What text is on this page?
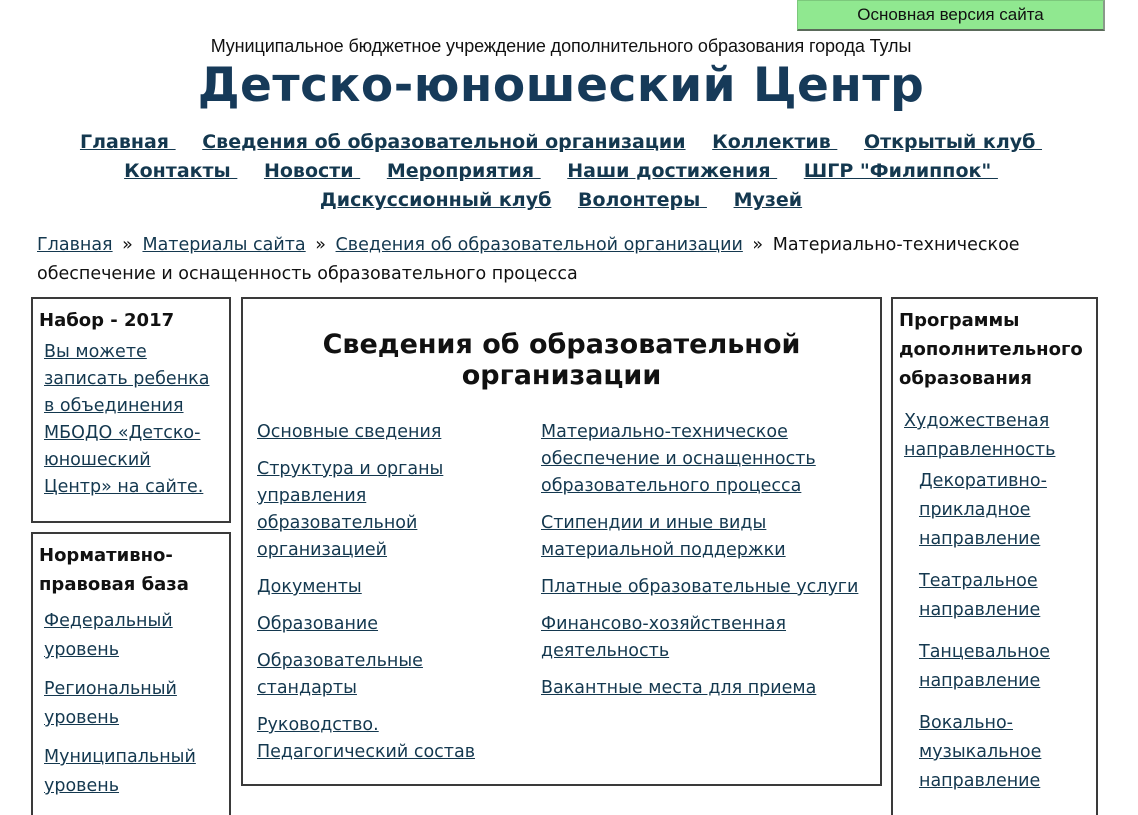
Основная версия сайта
Муниципальное бюджетное учреждение дополнительного образования города Тулы
Детско-юношеский Центр
Главная  Сведения об образовательной организации Коллектив  Открытый клуб  Контакты  Новости  Мероприятия  Наши достижения  ШГР "Филиппок"  Дискуссионный клуб Волонтеры  Музей
Главная » Материалы сайта » Сведения об образовательной организации » Материально-техническое обеспечение и оснащенность образовательного процесса
Набор - 2017
Вы можете записать ребенка в объединения МБОДО «Детско-юношеский Центр» на сайте.
Нормативно-правовая база
Федеральный уровень
Региональный уровень
Муниципальный уровень
Сведения об образовательной организации
Основные сведения
Структура и органы управления образовательной организацией
Документы
Образование
Образовательные стандарты
Руководство. Педагогический состав
Материально-техническое обеспечение и оснащенность образовательного процесса
Стипендии и иные виды материальной поддержки
Платные образовательные услуги
Финансово-хозяйственная деятельность
Вакантные места для приема
Программы дополнительного образования
Художественая направленность
Декоративно-прикладное направление
Театральное направление
Танцевальное направление
Вокально-музыкальное направление
